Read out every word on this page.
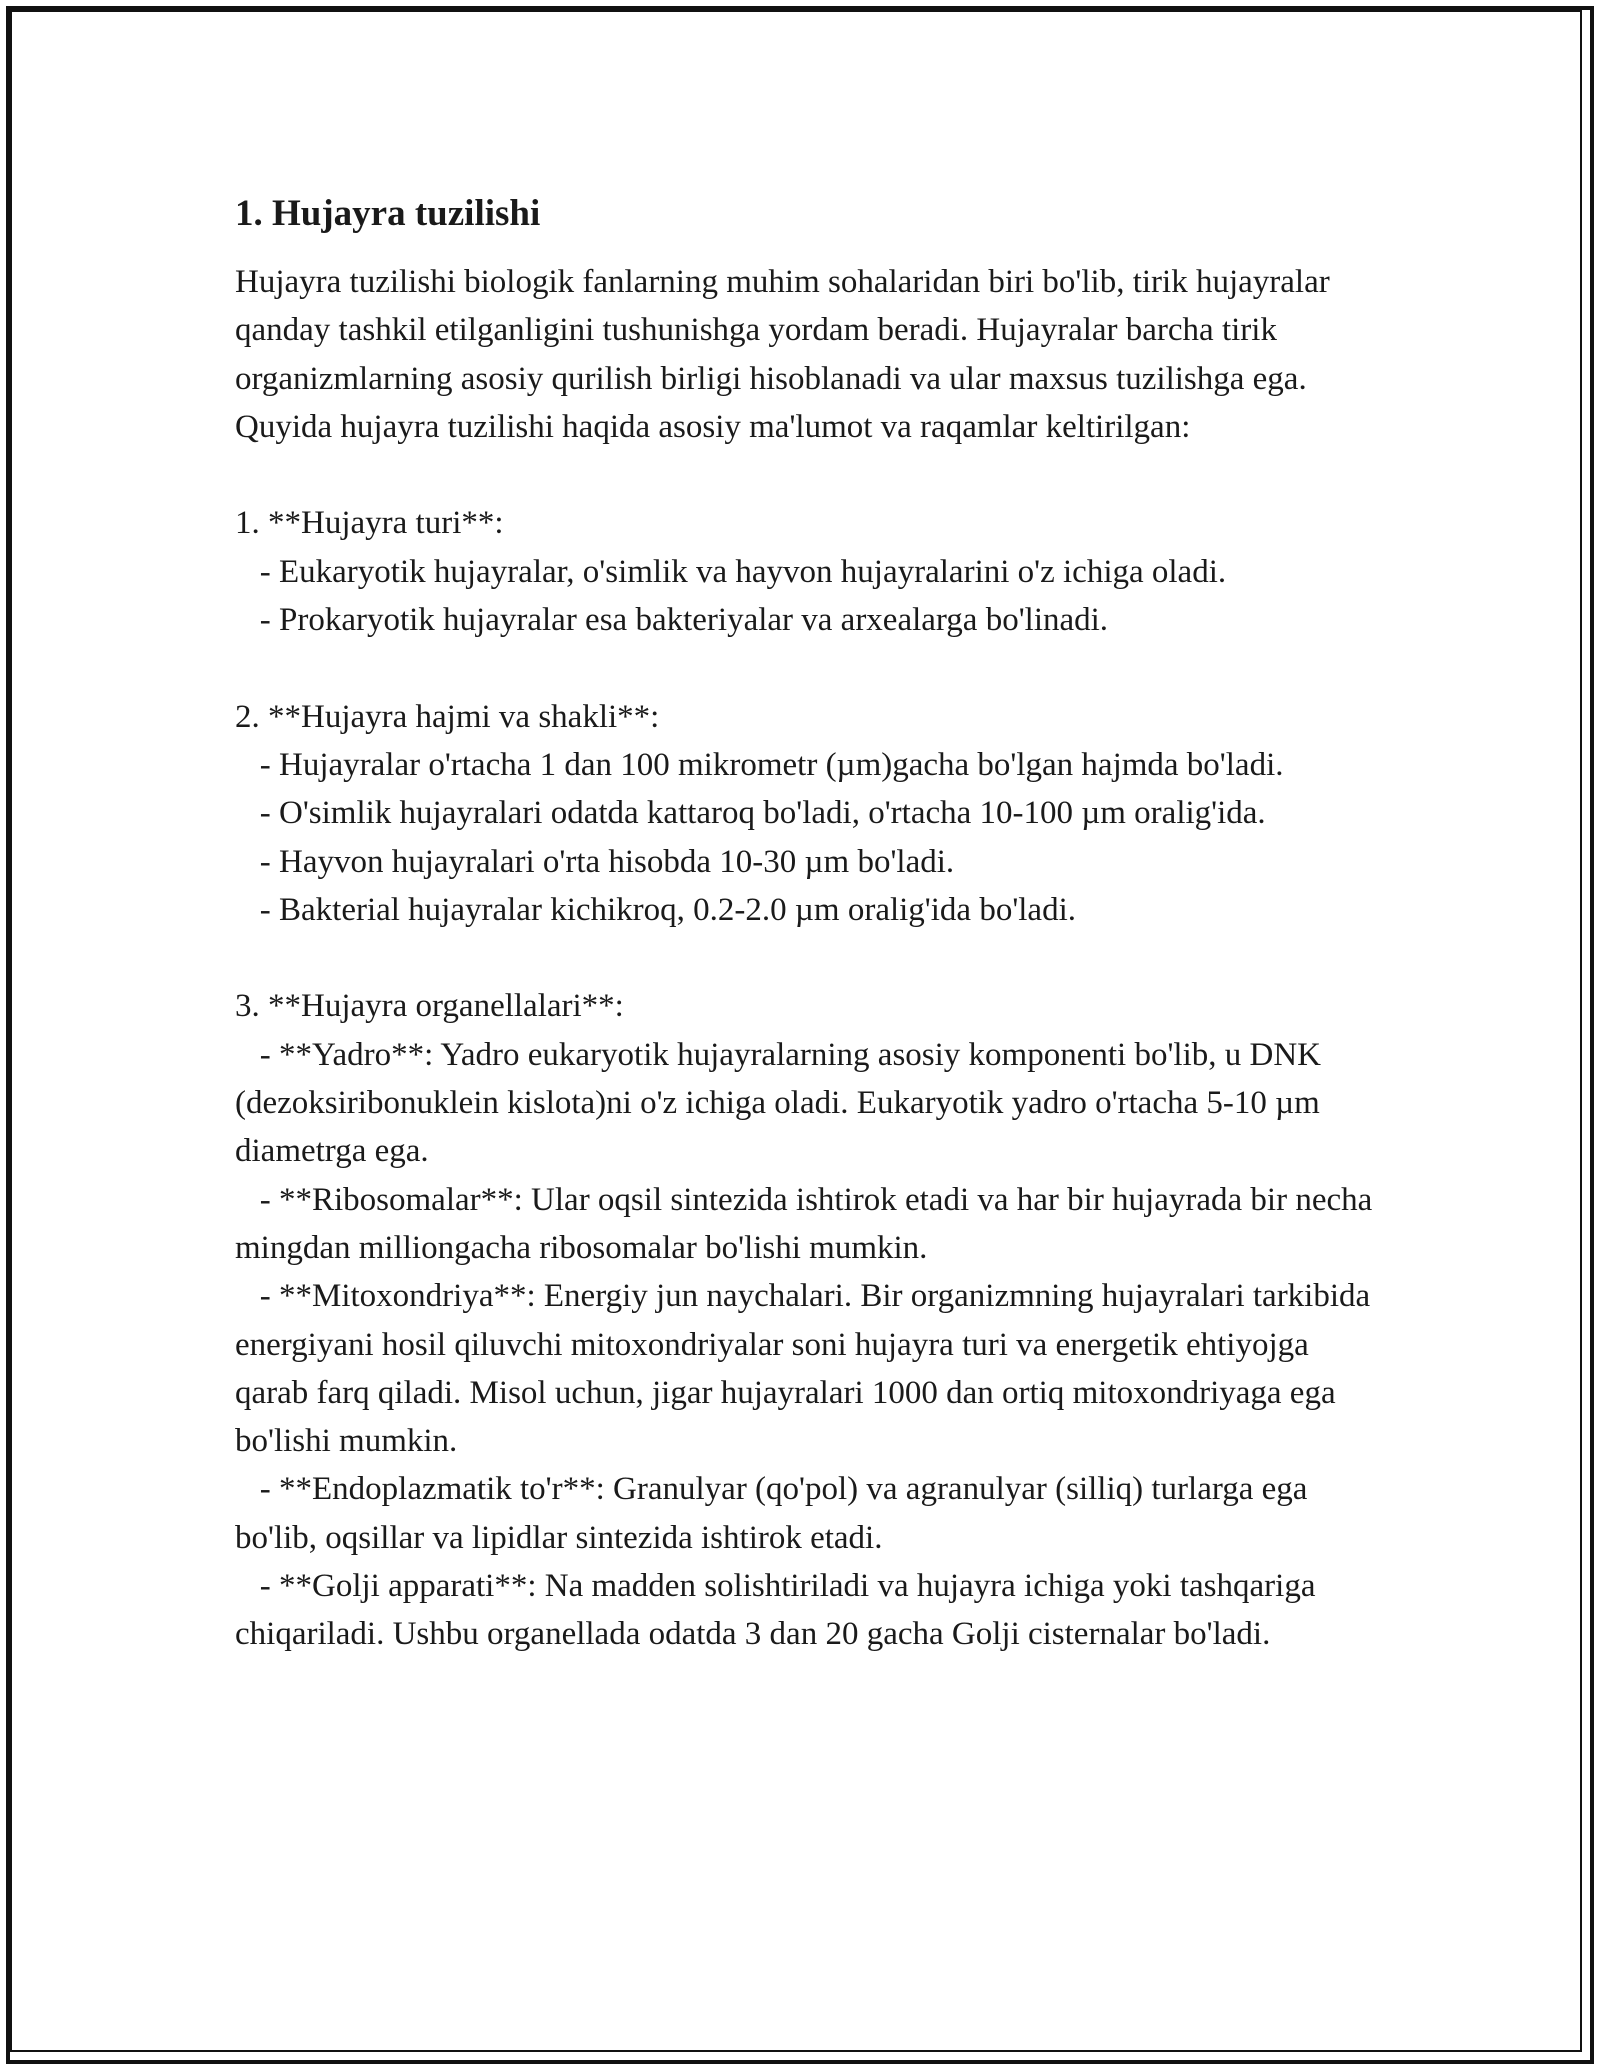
1. Hujayra tuzilishi

Hujayra tuzilishi biologik fanlarning muhim sohalaridan biri bo'lib, tirik hujayralar qanday tashkil etilganligini tushunishga yordam beradi. Hujayralar barcha tirik organizmlarning asosiy qurilish birligi hisoblanadi va ular maxsus tuzilishga ega. Quyida hujayra tuzilishi haqida asosiy ma'lumot va raqamlar keltirilgan:

1. **Hujayra turi**:

- Eukaryotik hujayralar, o'simlik va hayvon hujayralarini o'z ichiga oladi.

- Prokaryotik hujayralar esa bakteriyalar va arxealarga bo'linadi.

2. **Hujayra hajmi va shakli**:

- Hujayralar o'rtacha 1 dan 100 mikrometr (µm)gacha bo'lgan hajmda bo'ladi.

- O'simlik hujayralari odatda kattaroq bo'ladi, o'rtacha 10-100 µm oralig'ida.

- Hayvon hujayralari o'rta hisobda 10-30 µm bo'ladi.

- Bakterial hujayralar kichikroq, 0.2-2.0 µm oralig'ida bo'ladi.

3. **Hujayra organellalari**:

- **Yadro**: Yadro eukaryotik hujayralarning asosiy komponenti bo'lib, u DNK (dezoksiribonuklein kislota)ni o'z ichiga oladi. Eukaryotik yadro o'rtacha 5-10 µm diametrga ega.

- **Ribosomalar**: Ular oqsil sintezida ishtirok etadi va har bir hujayrada bir necha mingdan milliongacha ribosomalar bo'lishi mumkin.

- **Mitoxondriya**: Energiy jun naychalari. Bir organizmning hujayralari tarkibida energiyani hosil qiluvchi mitoxondriyalar soni hujayra turi va energetik ehtiyojga qarab farq qiladi. Misol uchun, jigar hujayralari 1000 dan ortiq mitoxondriyaga ega bo'lishi mumkin.

- **Endoplazmatik to'r**: Granulyar (qo'pol) va agranulyar (silliq) turlarga ega bo'lib, oqsillar va lipidlar sintezida ishtirok etadi.

- **Golji apparati**: Na madden solishtiriladi va hujayra ichiga yoki tashqariga chiqariladi. Ushbu organellada odatda 3 dan 20 gacha Golji cisternalar bo'ladi.
